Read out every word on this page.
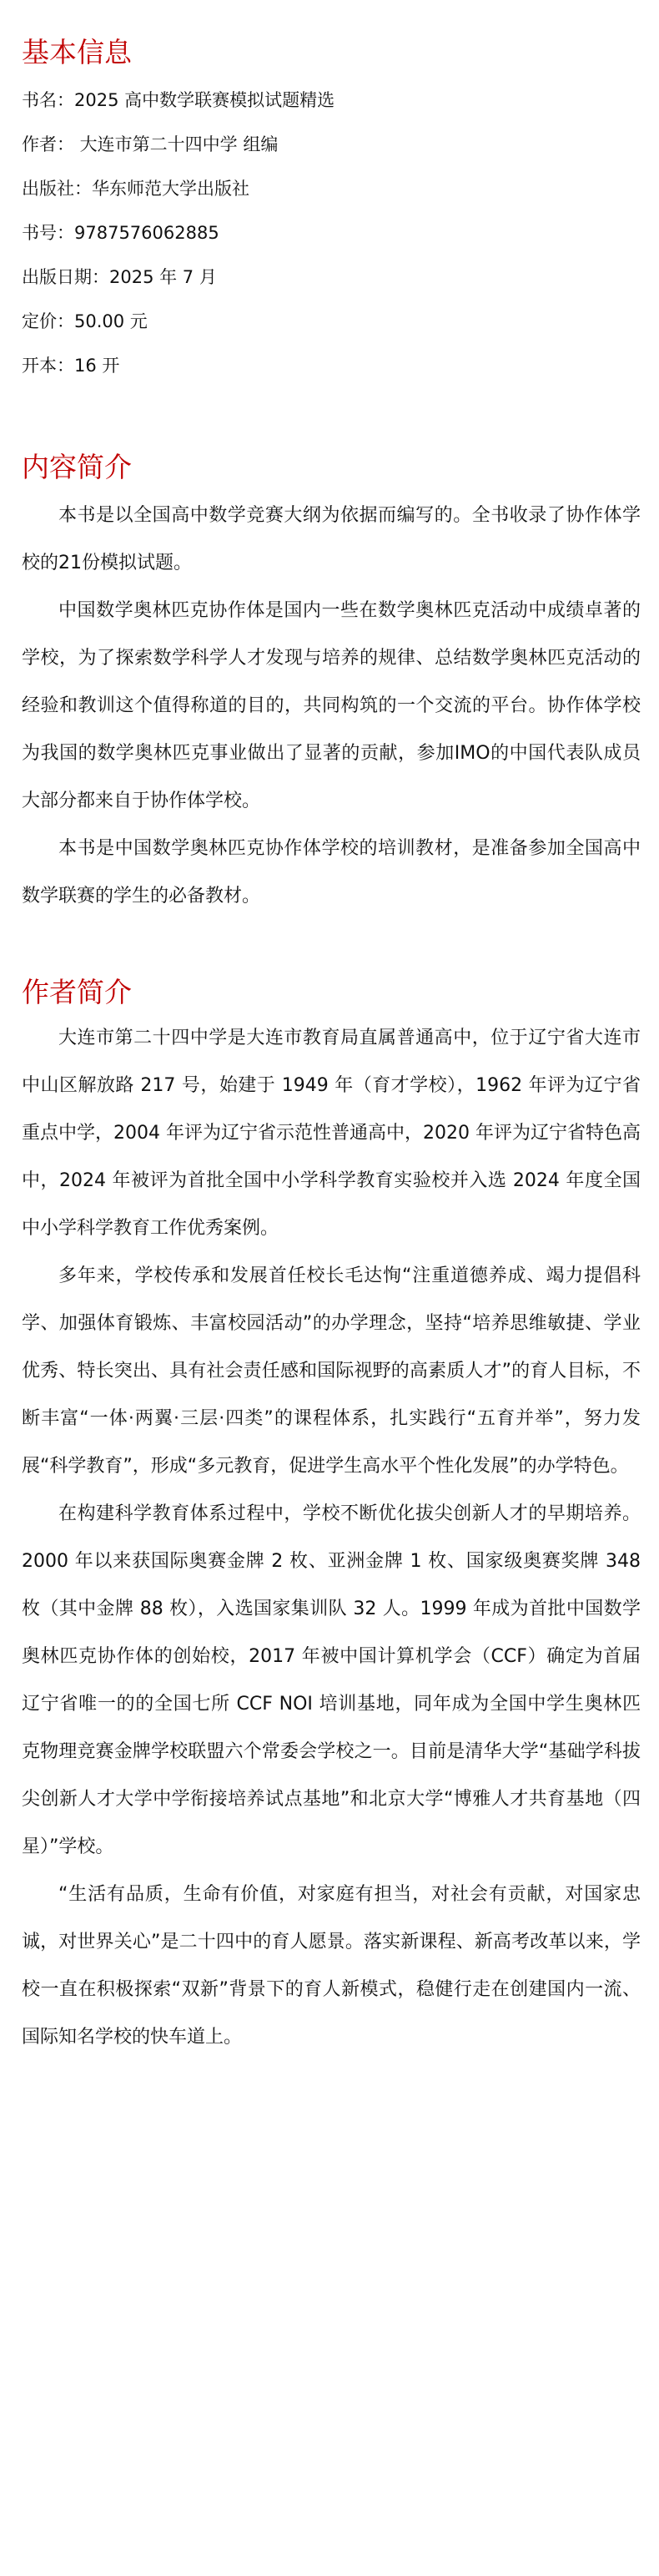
基本信息
书名：2025 高中数学联赛模拟试题精选
作者： 大连市第二十四中学 组编
出版社：华东师范大学出版社
书号：9787576062885
出版日期：2025 年 7 月
定价：50.00 元
开本：16 开
内容简介

本书是以全国高中数学竞赛大纲为依据而编写的。全书收录了协作体学校的21份模拟试题。

中国数学奥林匹克协作体是国内一些在数学奥林匹克活动中成绩卓著的学校，为了探索数学科学人才发现与培养的规律、总结数学奥林匹克活动的经验和教训这个值得称道的目的，共同构筑的一个交流的平台。协作体学校为我国的数学奥林匹克事业做出了显著的贡献，参加IMO的中国代表队成员大部分都来自于协作体学校。

本书是中国数学奥林匹克协作体学校的培训教材，是准备参加全国高中数学联赛的学生的必备教材。

作者简介

大连市第二十四中学是大连市教育局直属普通高中，位于辽宁省大连市中山区解放路 217 号，始建于 1949 年（育才学校），1962 年评为辽宁省重点中学，2004 年评为辽宁省示范性普通高中，2020 年评为辽宁省特色高中，2024 年被评为首批全国中小学科学教育实验校并入选 2024 年度全国中小学科学教育工作优秀案例。

多年来，学校传承和发展首任校长毛达恂“注重道德养成、竭力提倡科学、加强体育锻炼、丰富校园活动”的办学理念，坚持“培养思维敏捷、学业优秀、特长突出、具有社会责任感和国际视野的高素质人才”的育人目标，不断丰富“一体·两翼·三层·四类”的课程体系，扎实践行“五育并举”，努力发展“科学教育”，形成“多元教育，促进学生高水平个性化发展”的办学特色。

在构建科学教育体系过程中，学校不断优化拔尖创新人才的早期培养。2000 年以来获国际奥赛金牌 2 枚、亚洲金牌 1 枚、国家级奥赛奖牌 348 枚（其中金牌 88 枚），入选国家集训队 32 人。1999 年成为首批中国数学奥林匹克协作体的创始校，2017 年被中国计算机学会（CCF）确定为首届辽宁省唯一的的全国七所 CCF NOI 培训基地，同年成为全国中学生奥林匹克物理竞赛金牌学校联盟六个常委会学校之一。目前是清华大学“基础学科拔尖创新人才大学中学衔接培养试点基地”和北京大学“博雅人才共育基地（四星）”学校。

“生活有品质，生命有价值，对家庭有担当，对社会有贡献，对国家忠诚，对世界关心”是二十四中的育人愿景。落实新课程、新高考改革以来，学校一直在积极探索“双新”背景下的育人新模式，稳健行走在创建国内一流、国际知名学校的快车道上。
